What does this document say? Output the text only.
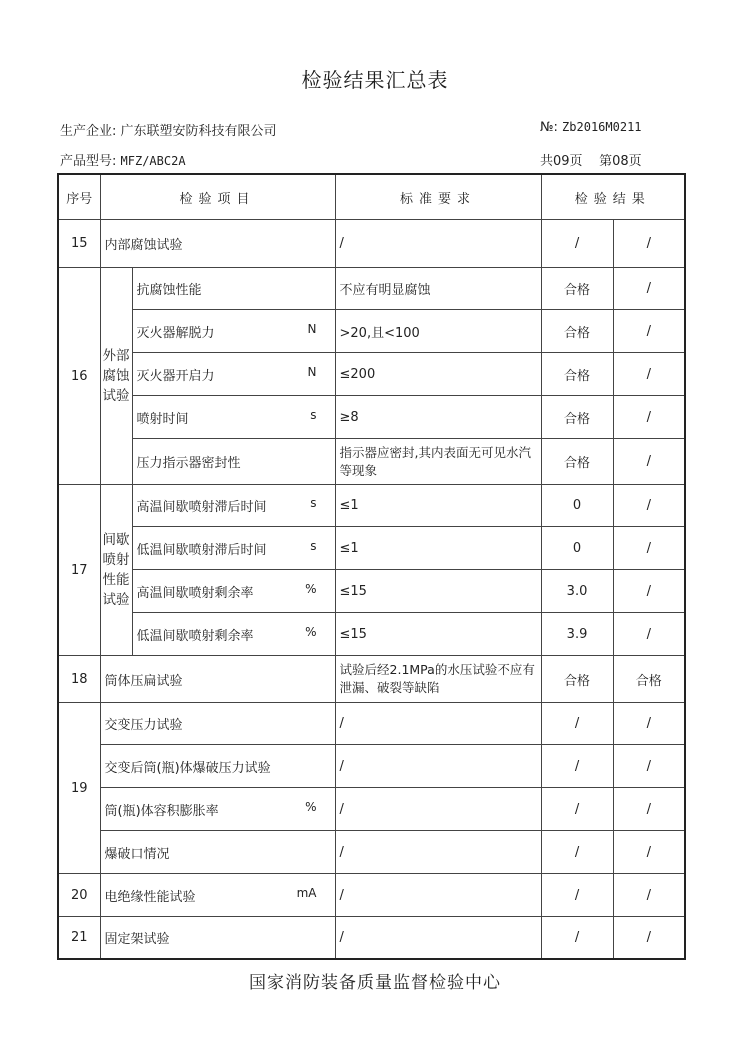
检验结果汇总表
生产企业: 广东联塑安防科技有限公司	№: Zb2016M0211
产品型号: MFZ/ABC2A	共09页 第08页
序号	检验项目		标准要求	检验结果	
15	内部腐蚀试验		/	/	/
16	外部腐蚀试验	抗腐蚀性能	不应有明显腐蚀	合格	/
		灭火器解脱力 N	>20,且<100	合格	/
		灭火器开启力 N	≤200	合格	/
		喷射时间 s	≥8	合格	/
		压力指示器密封性	指示器应密封,其内表面无可见水汽等现象	合格	/
17	间歇喷射性能试验	高温间歇喷射滞后时间 s	≤1	0	/
		低温间歇喷射滞后时间 s	≤1	0	/
		高温间歇喷射剩余率 %	≤15	3.0	/
		低温间歇喷射剩余率 %	≤15	3.9	/
18	筒体压扁试验		试验后经2.1MPa的水压试验不应有泄漏、破裂等缺陷	合格	合格
19	交变压力试验		/	/	/
	交变后筒(瓶)体爆破压力试验		/	/	/
	筒(瓶)体容积膨胀率 %		/	/	/
	爆破口情况		/	/	/
20	电绝缘性能试验 mA		/	/	/
21	固定架试验		/	/	/
国家消防装备质量监督检验中心
